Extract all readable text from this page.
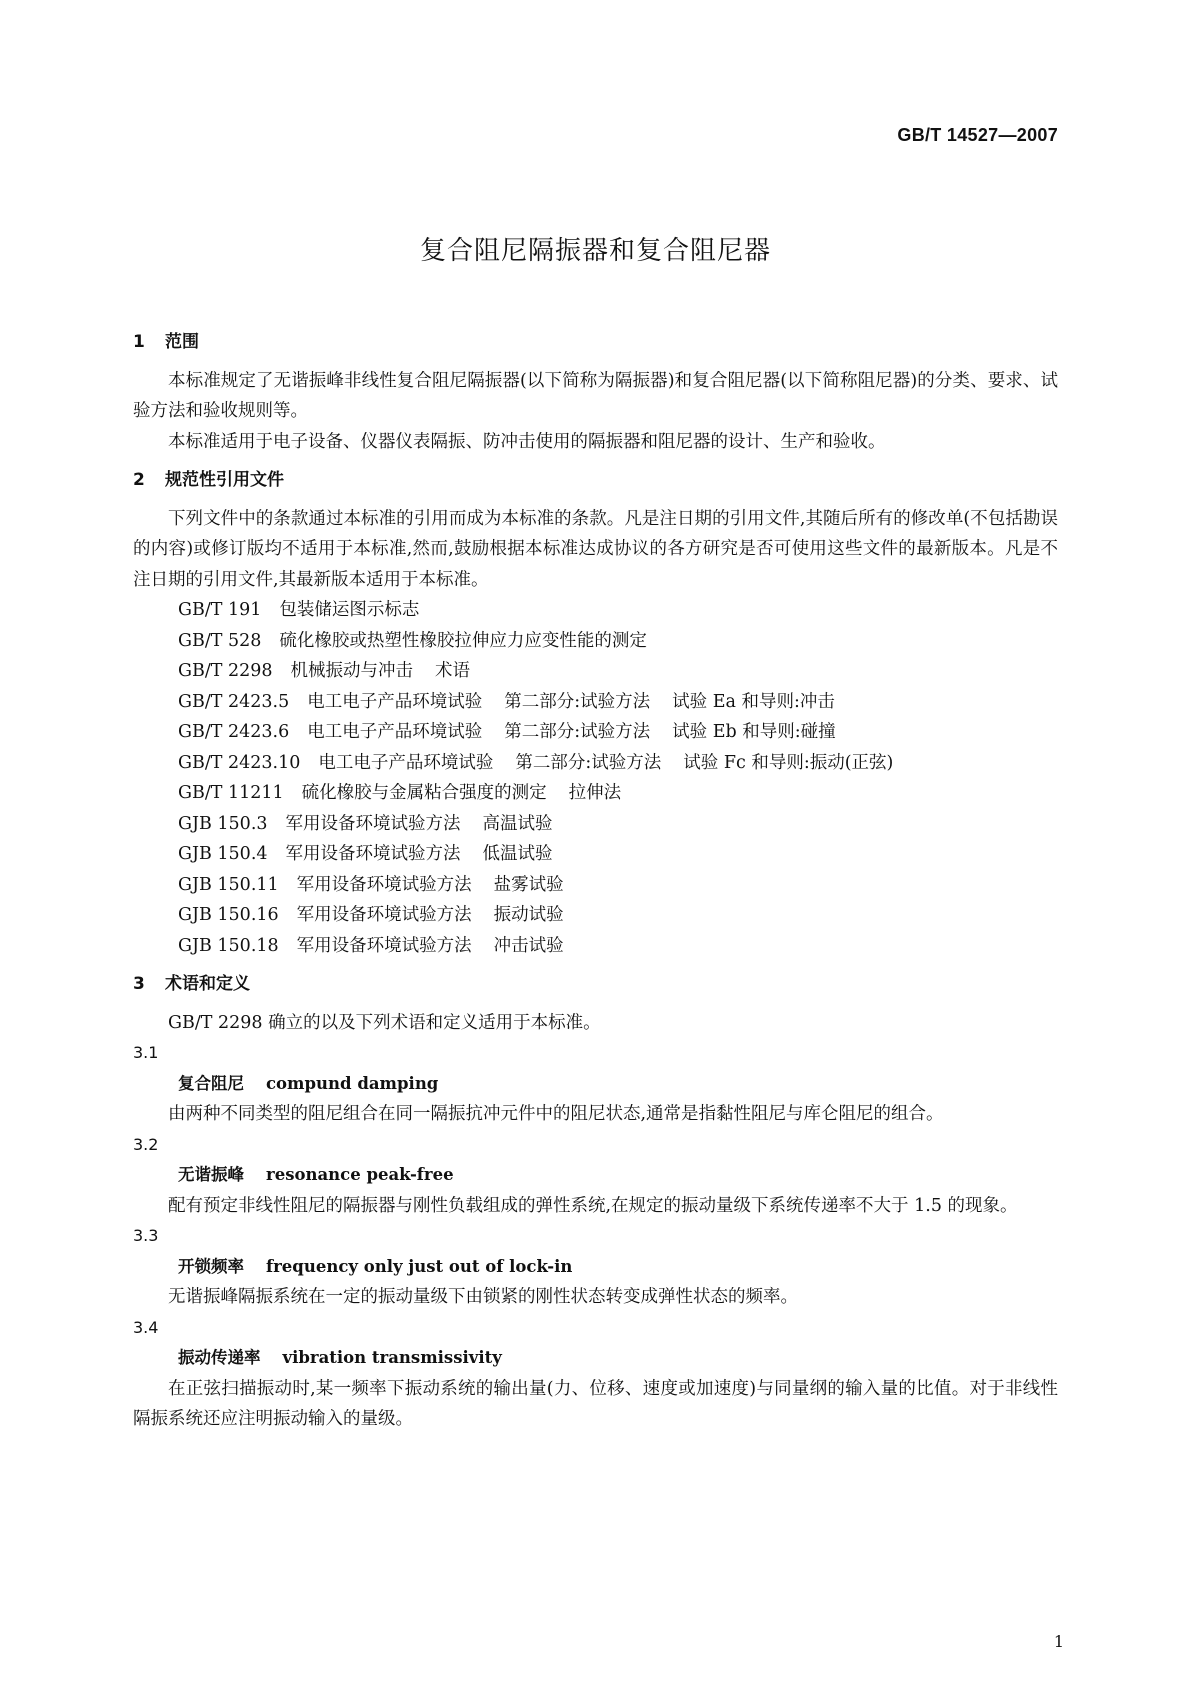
GB/T 14527—2007
复合阻尼隔振器和复合阻尼器
1 范围

本标准规定了无谐振峰非线性复合阻尼隔振器(以下简称为隔振器)和复合阻尼器(以下简称阻尼器)的分类、要求、试验方法和验收规则等。

本标准适用于电子设备、仪器仪表隔振、防冲击使用的隔振器和阻尼器的设计、生产和验收。

2 规范性引用文件

下列文件中的条款通过本标准的引用而成为本标准的条款。凡是注日期的引用文件,其随后所有的修改单(不包括勘误的内容)或修订版均不适用于本标准,然而,鼓励根据本标准达成协议的各方研究是否可使用这些文件的最新版本。凡是不注日期的引用文件,其最新版本适用于本标准。

GB/T 191 包装储运图示标志
GB/T 528 硫化橡胶或热塑性橡胶拉伸应力应变性能的测定
GB/T 2298 机械振动与冲击 术语
GB/T 2423.5 电工电子产品环境试验 第二部分:试验方法 试验 Ea 和导则:冲击
GB/T 2423.6 电工电子产品环境试验 第二部分:试验方法 试验 Eb 和导则:碰撞
GB/T 2423.10 电工电子产品环境试验 第二部分:试验方法 试验 Fc 和导则:振动(正弦)
GB/T 11211 硫化橡胶与金属粘合强度的测定 拉伸法
GJB 150.3 军用设备环境试验方法 高温试验
GJB 150.4 军用设备环境试验方法 低温试验
GJB 150.11 军用设备环境试验方法 盐雾试验
GJB 150.16 军用设备环境试验方法 振动试验
GJB 150.18 军用设备环境试验方法 冲击试验
3 术语和定义

GB/T 2298 确立的以及下列术语和定义适用于本标准。

3.1
复合阻尼 compund damping

由两种不同类型的阻尼组合在同一隔振抗冲元件中的阻尼状态,通常是指黏性阻尼与库仑阻尼的组合。

3.2
无谐振峰 resonance peak-free

配有预定非线性阻尼的隔振器与刚性负载组成的弹性系统,在规定的振动量级下系统传递率不大于 1.5 的现象。

3.3
开锁频率 frequency only just out of lock-in

无谐振峰隔振系统在一定的振动量级下由锁紧的刚性状态转变成弹性状态的频率。

3.4
振动传递率 vibration transmissivity

在正弦扫描振动时,某一频率下振动系统的输出量(力、位移、速度或加速度)与同量纲的输入量的比值。对于非线性隔振系统还应注明振动输入的量级。

1
